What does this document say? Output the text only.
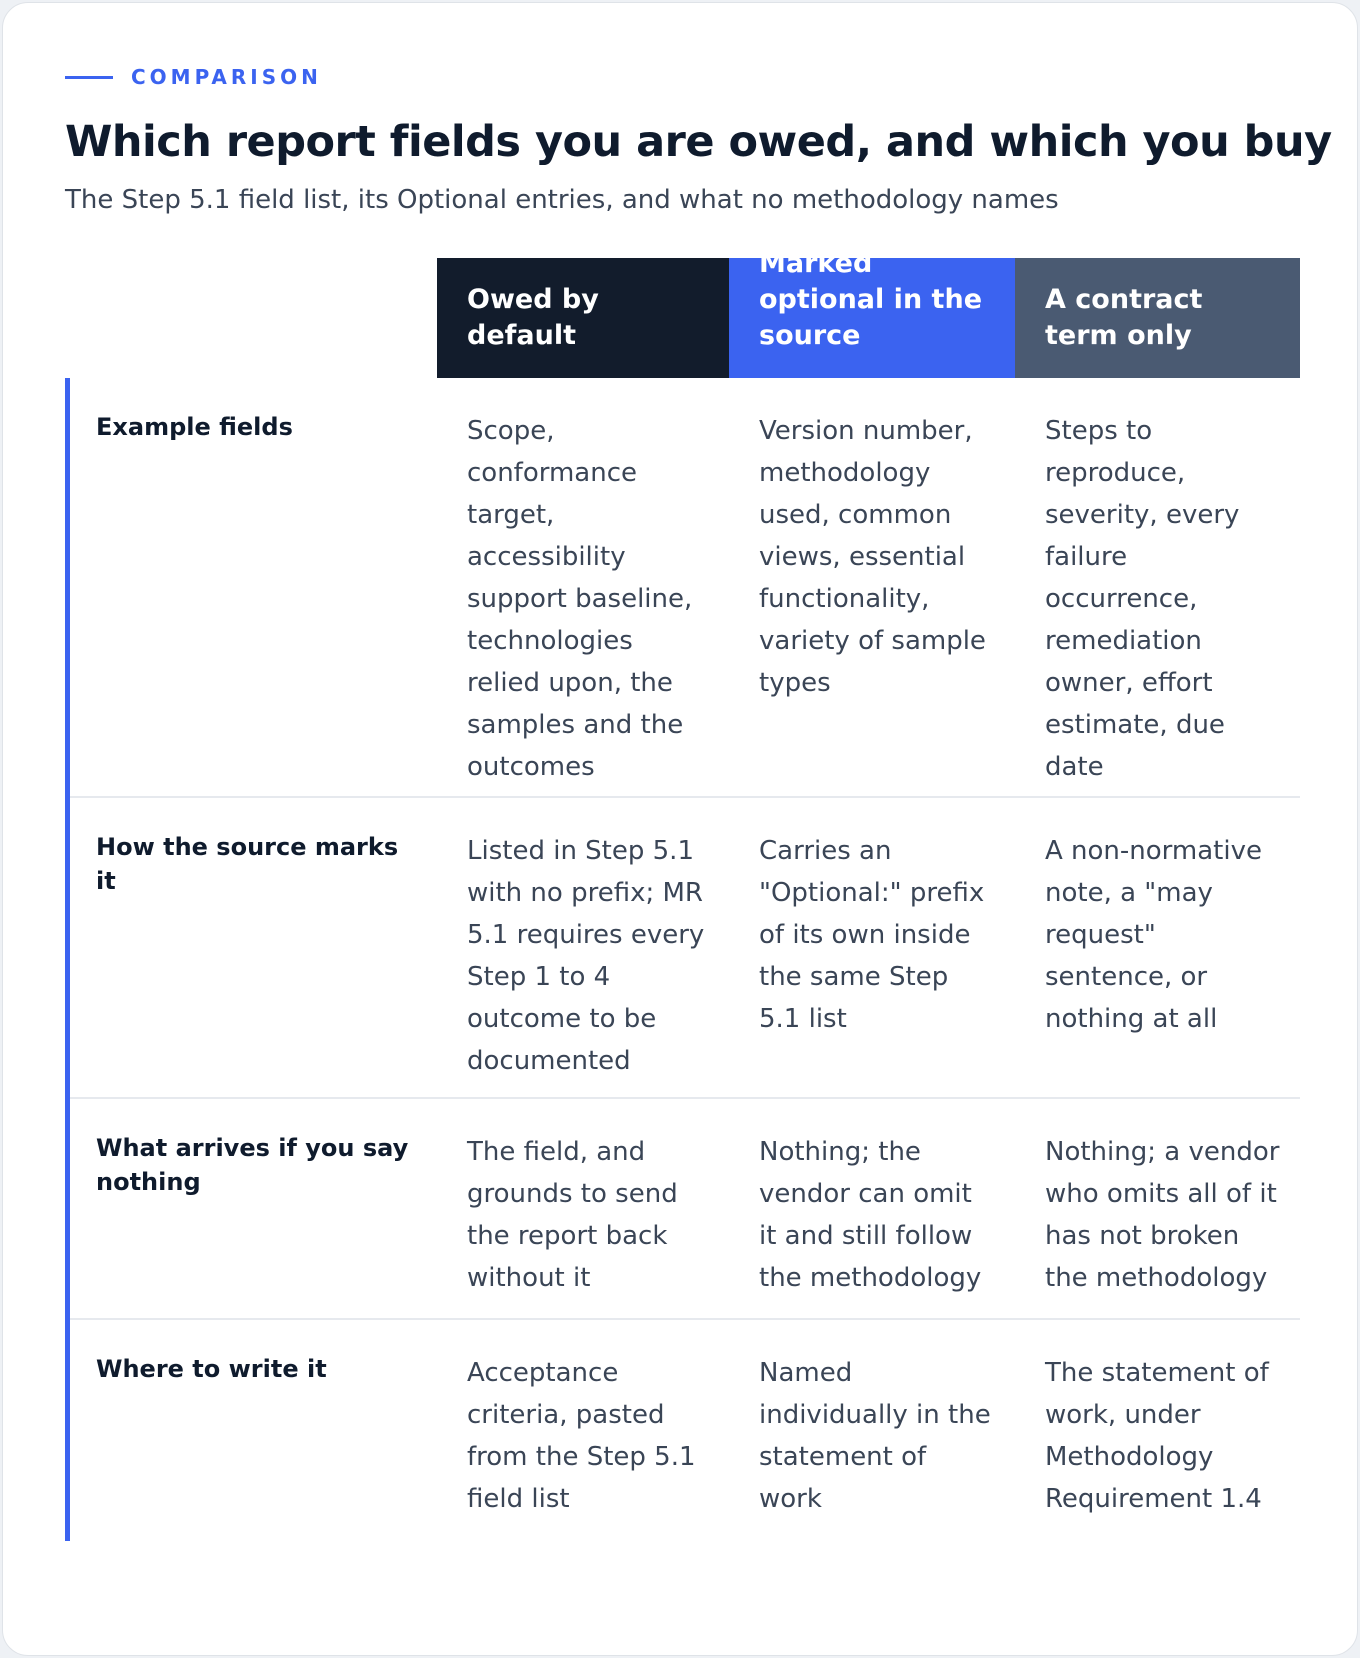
COMPARISON
Which report fields you are owed, and which you buy

The Step 5.1 field list, its Optional entries, and what no methodology names

Owed by default
Marked optional in the source
A contract term only
Example fields	Scope, conformance target, accessibility support baseline, technologies relied upon, the samples and the outcomes
Version number, methodology used, common views, essential functionality, variety of sample types
Steps to reproduce, severity, every failure occurrence, remediation owner, effort estimate, due date
How the source marks it
Listed in Step 5.1 with no prefix; MR 5.1 requires every Step 1 to 4 outcome to be documented
Carries an "Optional:" prefix of its own inside the same Step 5.1 list
A non-normative note, a "may request" sentence, or nothing at all
What arrives if you say nothing
The field, and grounds to send the report back without it
Nothing; the vendor can omit it and still follow the methodology
Nothing; a vendor who omits all of it has not broken the methodology
Where to write it	Acceptance criteria, pasted from the Step 5.1 field list
Named individually in the statement of work
The statement of work, under Methodology Requirement 1.4
